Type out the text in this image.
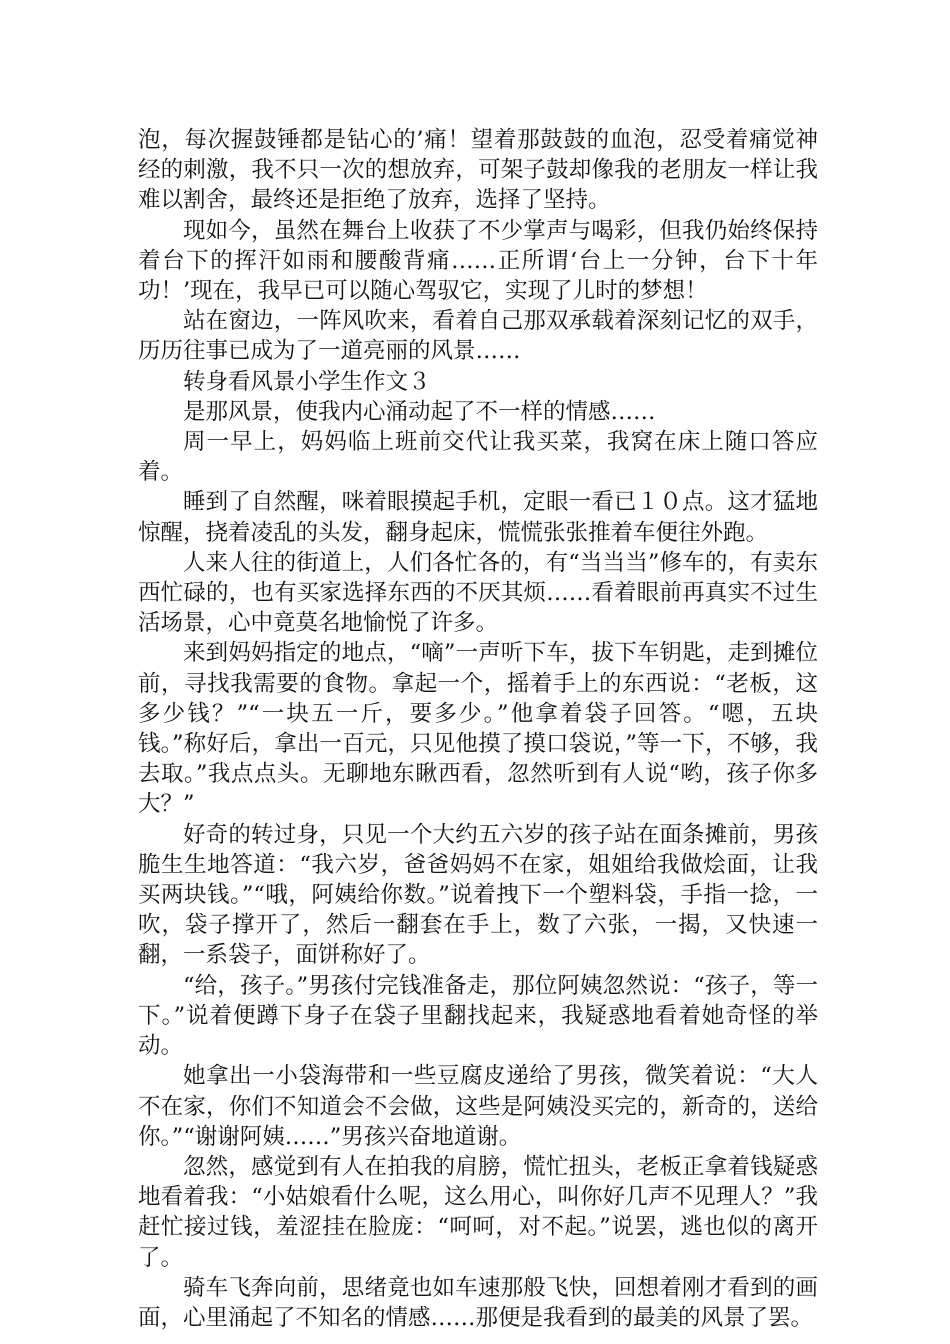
泡，每次握鼓锤都是钻心的’痛！望着那鼓鼓的血泡，忍受着痛觉神经的刺激，我不只一次的想放弃，可架子鼓却像我的老朋友一样让我难以割舍，最终还是拒绝了放弃，选择了坚持。

现如今，虽然在舞台上收获了不少掌声与喝彩，但我仍始终保持着台下的挥汗如雨和腰酸背痛……正所谓‘台上一分钟，台下十年功！’现在，我早已可以随心驾驭它，实现了儿时的梦想！

站在窗边，一阵风吹来，看着自己那双承载着深刻记忆的双手，历历往事已成为了一道亮丽的风景……

转身看风景小学生作文３

是那风景，使我内心涌动起了不一样的情感……

周一早上，妈妈临上班前交代让我买菜，我窝在床上随口答应着。

睡到了自然醒，咪着眼摸起手机，定眼一看已１０点。这才猛地惊醒，挠着凌乱的头发，翻身起床，慌慌张张推着车便往外跑。

人来人往的街道上，人们各忙各的，有“当当当”修车的，有卖东西忙碌的，也有买家选择东西的不厌其烦……看着眼前再真实不过生活场景，心中竟莫名地愉悦了许多。

来到妈妈指定的地点，“嘀”一声听下车，拔下车钥匙，走到摊位前，寻找我需要的食物。拿起一个，摇着手上的东西说：“老板，这多少钱？”“一块五一斤，要多少。”他拿着袋子回答。“嗯，五块钱。”称好后，拿出一百元，只见他摸了摸口袋说，”等一下，不够，我去取。”我点点头。无聊地东瞅西看，忽然听到有人说“哟，孩子你多大？”

好奇的转过身，只见一个大约五六岁的孩子站在面条摊前，男孩脆生生地答道：“我六岁，爸爸妈妈不在家，姐姐给我做烩面，让我买两块钱。”“哦，阿姨给你数。”说着拽下一个塑料袋，手指一捻，一吹，袋子撑开了，然后一翻套在手上，数了六张，一揭，又快速一翻，一系袋子，面饼称好了。

“给，孩子。”男孩付完钱准备走，那位阿姨忽然说：“孩子，等一下。”说着便蹲下身子在袋子里翻找起来，我疑惑地看着她奇怪的举动。

她拿出一小袋海带和一些豆腐皮递给了男孩，微笑着说：“大人不在家，你们不知道会不会做，这些是阿姨没买完的，新奇的，送给你。”“谢谢阿姨……”男孩兴奋地道谢。

忽然，感觉到有人在拍我的肩膀，慌忙扭头，老板正拿着钱疑惑地看着我：“小姑娘看什么呢，这么用心，叫你好几声不见理人？”我赶忙接过钱，羞涩挂在脸庞：“呵呵，对不起。”说罢，逃也似的离开了。

骑车飞奔向前，思绪竟也如车速那般飞快，回想着刚才看到的画面，心里涌起了不知名的情感……那便是我看到的最美的风景了罢。
